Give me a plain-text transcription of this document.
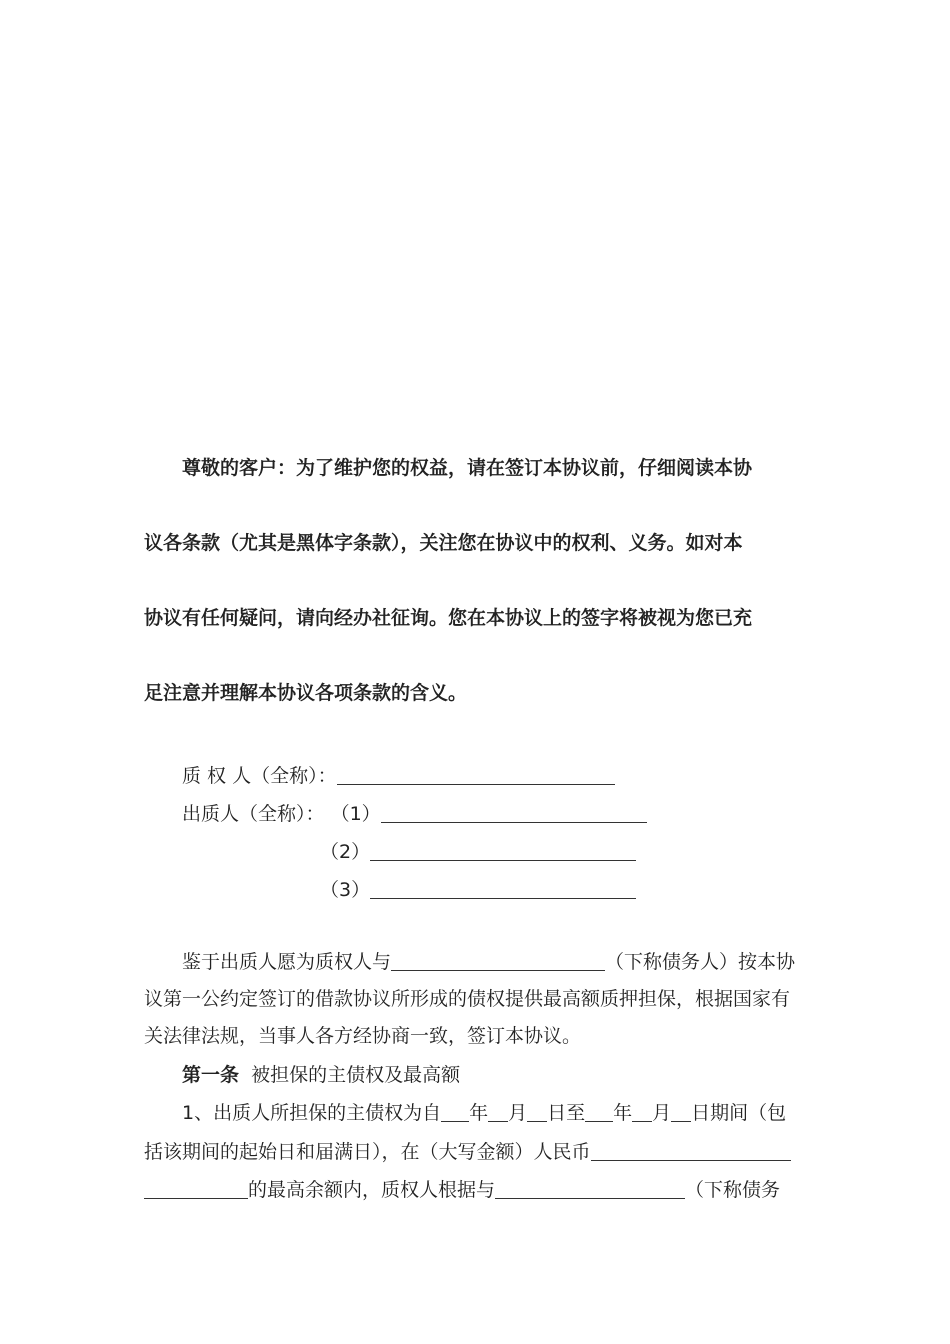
尊敬的客户：为了维护您的权益，请在签订本协议前，仔细阅读本协
议各条款（尤其是黑体字条款），关注您在协议中的权利、义务。如对本
协议有任何疑问，请向经办社征询。您在本协议上的签字将被视为您已充
足注意并理解本协议各项条款的含义。
质 权 人（全称）：
出质人（全称）： （1）
（2）
（3）
鉴于出质人愿为质权人与	（下称债务人）按本协
议第一公约定签订的借款协议所形成的债权提供最高额质押担保，根据国家有
关法律法规，当事人各方经协商一致，签订本协议。
第一条 被担保的主债权及最高额
1、出质人所担保的主债权为自 年 月 日至 年 月 日期间（包
括该期间的起始日和届满日），在（大写金额）人民币
的最高余额内，质权人根据与	（下称债务
